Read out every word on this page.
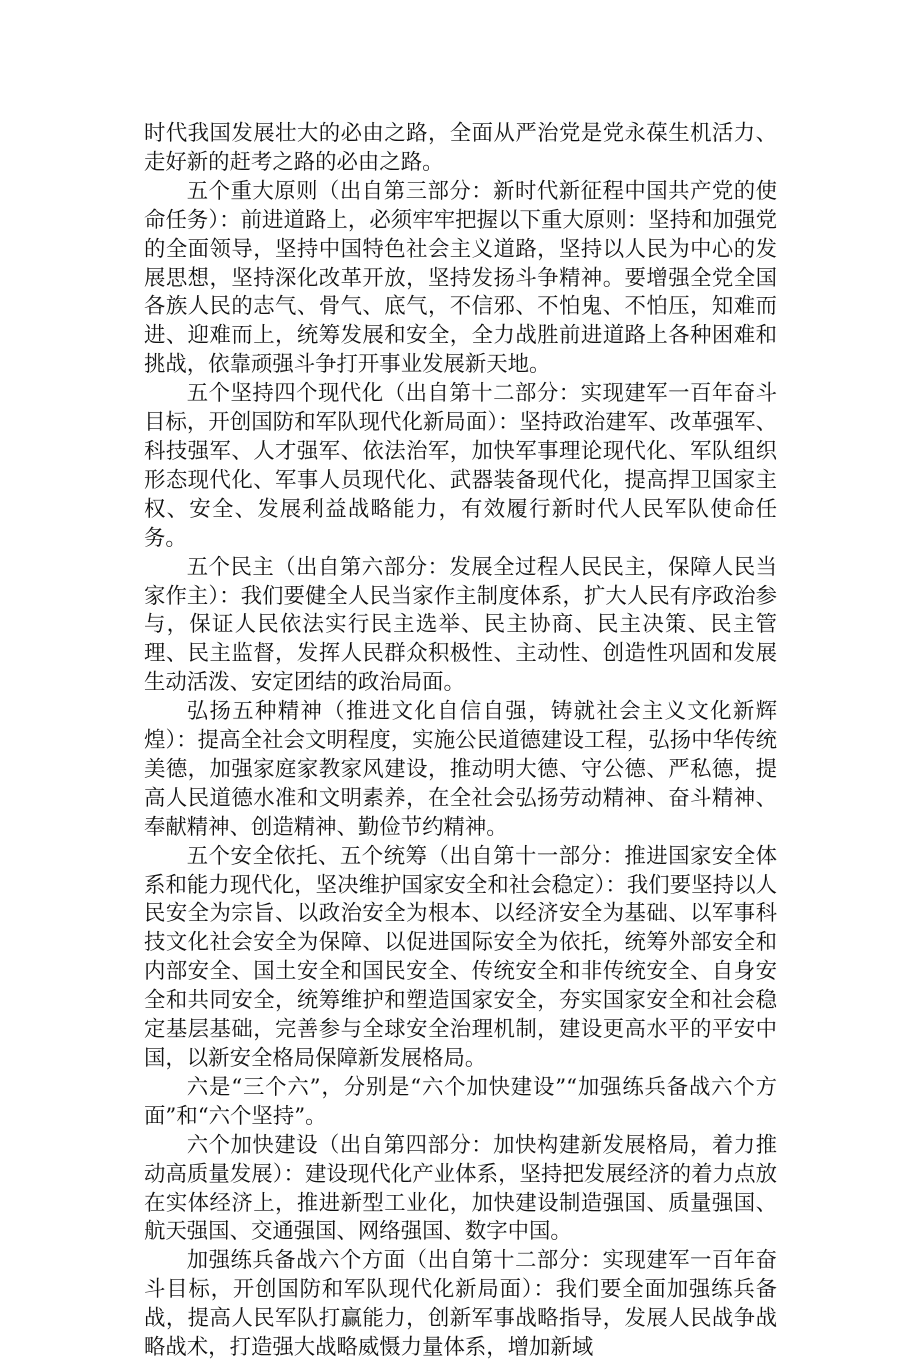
时代我国发展壮大的必由之路，全面从严治党是党永葆生机活力、走好新的赶考之路的必由之路。

五个重大原则（出自第三部分：新时代新征程中国共产党的使命任务）：前进道路上，必须牢牢把握以下重大原则：坚持和加强党的全面领导，坚持中国特色社会主义道路，坚持以人民为中心的发展思想，坚持深化改革开放，坚持发扬斗争精神。要增强全党全国各族人民的志气、骨气、底气，不信邪、不怕鬼、不怕压，知难而进、迎难而上，统筹发展和安全，全力战胜前进道路上各种困难和挑战，依靠顽强斗争打开事业发展新天地。

五个坚持四个现代化（出自第十二部分：实现建军一百年奋斗目标，开创国防和军队现代化新局面）：坚持政治建军、改革强军、科技强军、人才强军、依法治军，加快军事理论现代化、军队组织形态现代化、军事人员现代化、武器装备现代化，提高捍卫国家主权、安全、发展利益战略能力，有效履行新时代人民军队使命任务。

五个民主（出自第六部分：发展全过程人民民主，保障人民当家作主）：我们要健全人民当家作主制度体系，扩大人民有序政治参与，保证人民依法实行民主选举、民主协商、民主决策、民主管理、民主监督，发挥人民群众积极性、主动性、创造性巩固和发展生动活泼、安定团结的政治局面。

弘扬五种精神（推进文化自信自强，铸就社会主义文化新辉煌）：提高全社会文明程度，实施公民道德建设工程，弘扬中华传统美德，加强家庭家教家风建设，推动明大德、守公德、严私德，提高人民道德水准和文明素养，在全社会弘扬劳动精神、奋斗精神、奉献精神、创造精神、勤俭节约精神。

五个安全依托、五个统筹（出自第十一部分：推进国家安全体系和能力现代化，坚决维护国家安全和社会稳定）：我们要坚持以人民安全为宗旨、以政治安全为根本、以经济安全为基础、以军事科技文化社会安全为保障、以促进国际安全为依托，统筹外部安全和内部安全、国土安全和国民安全、传统安全和非传统安全、自身安全和共同安全，统筹维护和塑造国家安全，夯实国家安全和社会稳定基层基础，完善参与全球安全治理机制，建设更高水平的平安中国，以新安全格局保障新发展格局。

六是“三个六”，分别是“六个加快建设”“加强练兵备战六个方面”和“六个坚持”。

六个加快建设（出自第四部分：加快构建新发展格局，着力推动高质量发展）：建设现代化产业体系，坚持把发展经济的着力点放在实体经济上，推进新型工业化，加快建设制造强国、质量强国、航天强国、交通强国、网络强国、数字中国。

加强练兵备战六个方面（出自第十二部分：实现建军一百年奋斗目标，开创国防和军队现代化新局面）：我们要全面加强练兵备战，提高人民军队打赢能力，创新军事战略指导，发展人民战争战略战术，打造强大战略威慑力量体系，增加新域
